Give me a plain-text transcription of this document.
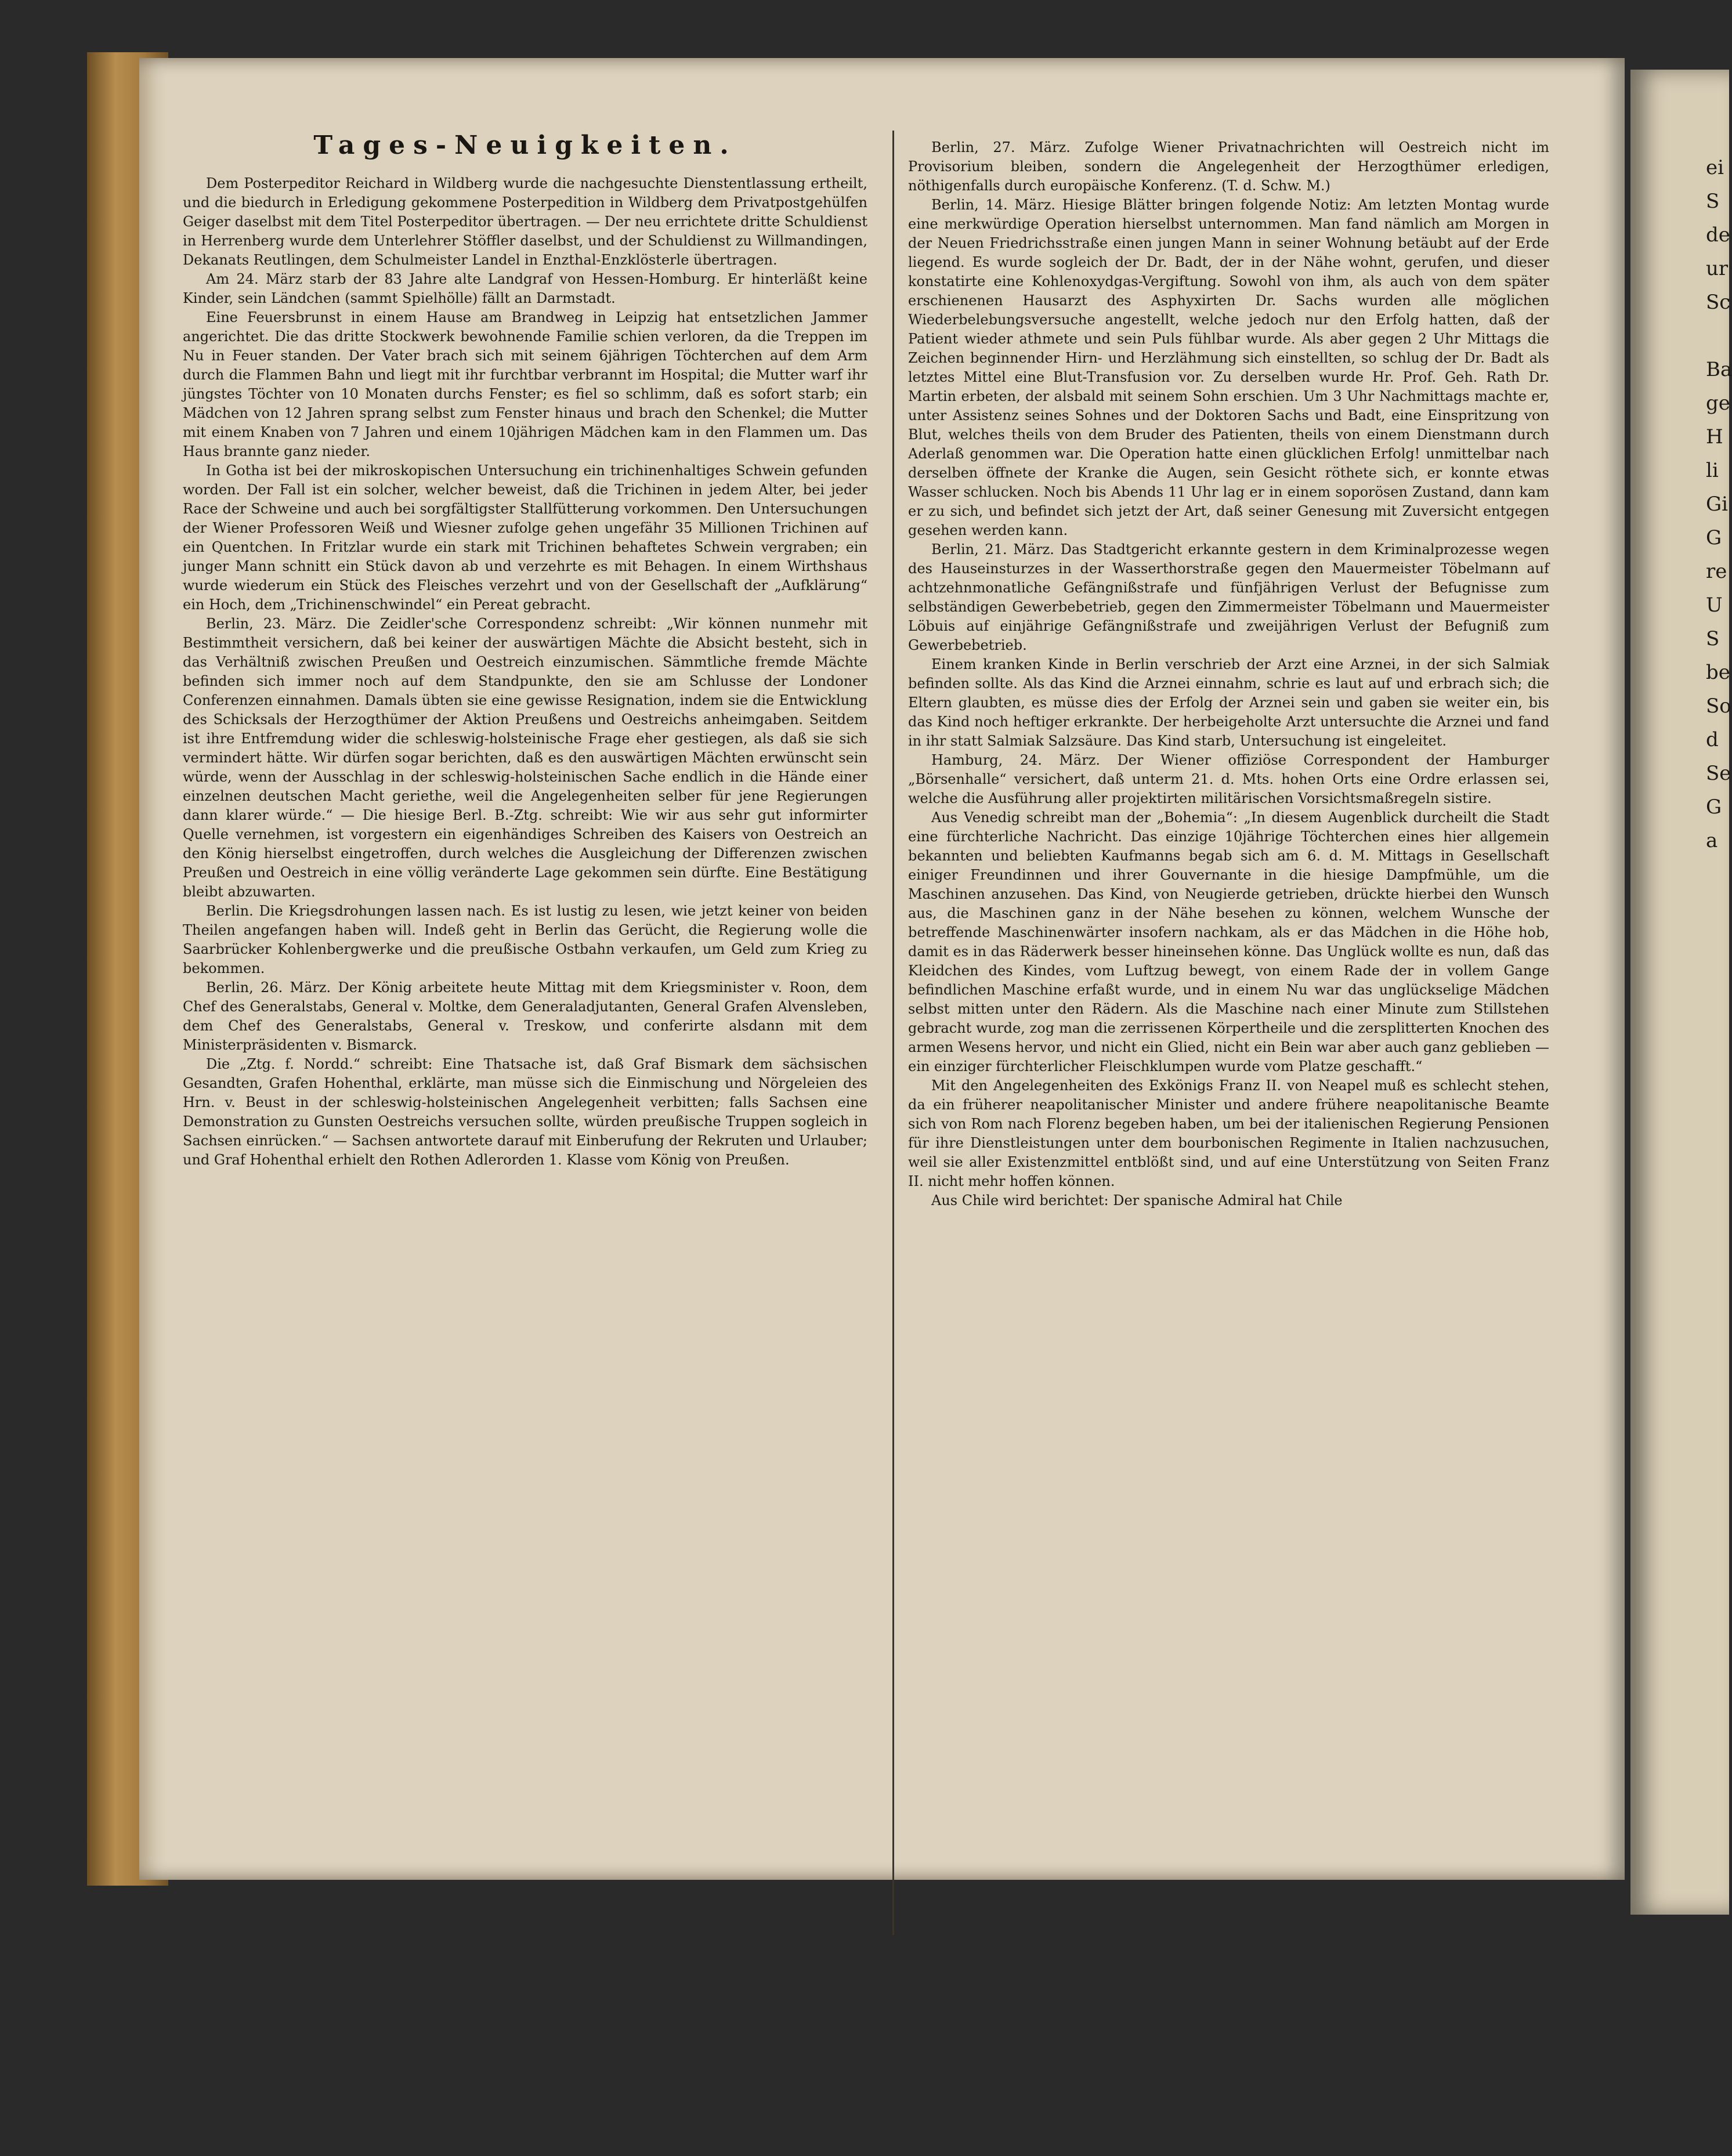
Tages-Neuigkeiten.

Dem Posterpeditor Reichard in Wildberg wurde die nachgesuchte Dienstentlassung ertheilt, und die biedurch in Erledigung gekommene Posterpedition in Wildberg dem Privatpostgehülfen Geiger daselbst mit dem Titel Posterpeditor übertragen. — Der neu errichtete dritte Schuldienst in Herrenberg wurde dem Unterlehrer Stöffler daselbst, und der Schuldienst zu Willmandingen, Dekanats Reutlingen, dem Schulmeister Landel in Enzthal-Enzklösterle übertragen.

Am 24. März starb der 83 Jahre alte Landgraf von Hessen-Homburg. Er hinterläßt keine Kinder, sein Ländchen (sammt Spielhölle) fällt an Darmstadt.

Eine Feuersbrunst in einem Hause am Brandweg in Leipzig hat entsetzlichen Jammer angerichtet. Die das dritte Stockwerk bewohnende Familie schien verloren, da die Treppen im Nu in Feuer standen. Der Vater brach sich mit seinem 6jährigen Töchterchen auf dem Arm durch die Flammen Bahn und liegt mit ihr furchtbar verbrannt im Hospital; die Mutter warf ihr jüngstes Töchter von 10 Monaten durchs Fenster; es fiel so schlimm, daß es sofort starb; ein Mädchen von 12 Jahren sprang selbst zum Fenster hinaus und brach den Schenkel; die Mutter mit einem Knaben von 7 Jahren und einem 10jährigen Mädchen kam in den Flammen um. Das Haus brannte ganz nieder.

In Gotha ist bei der mikroskopischen Untersuchung ein trichinenhaltiges Schwein gefunden worden. Der Fall ist ein solcher, welcher beweist, daß die Trichinen in jedem Alter, bei jeder Race der Schweine und auch bei sorgfältigster Stallfütterung vorkommen. Den Untersuchungen der Wiener Professoren Weiß und Wiesner zufolge gehen ungefähr 35 Millionen Trichinen auf ein Quentchen. In Fritzlar wurde ein stark mit Trichinen behaftetes Schwein vergraben; ein junger Mann schnitt ein Stück davon ab und verzehrte es mit Behagen. In einem Wirthshaus wurde wiederum ein Stück des Fleisches verzehrt und von der Gesellschaft der „Aufklärung“ ein Hoch, dem „Trichinenschwindel“ ein Pereat gebracht.

Berlin, 23. März. Die Zeidler'sche Correspondenz schreibt: „Wir können nunmehr mit Bestimmtheit versichern, daß bei keiner der auswärtigen Mächte die Absicht besteht, sich in das Verhältniß zwischen Preußen und Oestreich einzumischen. Sämmtliche fremde Mächte befinden sich immer noch auf dem Standpunkte, den sie am Schlusse der Londoner Conferenzen einnahmen. Damals übten sie eine gewisse Resignation, indem sie die Entwicklung des Schicksals der Herzogthümer der Aktion Preußens und Oestreichs anheimgaben. Seitdem ist ihre Entfremdung wider die schleswig-holsteinische Frage eher gestiegen, als daß sie sich vermindert hätte. Wir dürfen sogar berichten, daß es den auswärtigen Mächten erwünscht sein würde, wenn der Ausschlag in der schleswig-holsteinischen Sache endlich in die Hände einer einzelnen deutschen Macht geriethe, weil die Angelegenheiten selber für jene Regierungen dann klarer würde.“ — Die hiesige Berl. B.-Ztg. schreibt: Wie wir aus sehr gut informirter Quelle vernehmen, ist vorgestern ein eigenhändiges Schreiben des Kaisers von Oestreich an den König hierselbst eingetroffen, durch welches die Ausgleichung der Differenzen zwischen Preußen und Oestreich in eine völlig veränderte Lage gekommen sein dürfte. Eine Bestätigung bleibt abzuwarten.

Berlin. Die Kriegsdrohungen lassen nach. Es ist lustig zu lesen, wie jetzt keiner von beiden Theilen angefangen haben will. Indeß geht in Berlin das Gerücht, die Regierung wolle die Saarbrücker Kohlenbergwerke und die preußische Ostbahn verkaufen, um Geld zum Krieg zu bekommen.

Berlin, 26. März. Der König arbeitete heute Mittag mit dem Kriegsminister v. Roon, dem Chef des Generalstabs, General v. Moltke, dem Generaladjutanten, General Grafen Alvensleben, dem Chef des Generalstabs, General v. Treskow, und conferirte alsdann mit dem Ministerpräsidenten v. Bismarck.

Die „Ztg. f. Nordd.“ schreibt: Eine Thatsache ist, daß Graf Bismark dem sächsischen Gesandten, Grafen Hohenthal, erklärte, man müsse sich die Einmischung und Nörgeleien des Hrn. v. Beust in der schleswig-holsteinischen Angelegenheit verbitten; falls Sachsen eine Demonstration zu Gunsten Oestreichs versuchen sollte, würden preußische Truppen sogleich in Sachsen einrücken.“ — Sachsen antwortete darauf mit Einberufung der Rekruten und Urlauber; und Graf Hohenthal erhielt den Rothen Adlerorden 1. Klasse vom König von Preußen.

Berlin, 27. März. Zufolge Wiener Privatnachrichten will Oestreich nicht im Provisorium bleiben, sondern die Angelegenheit der Herzogthümer erledigen, nöthigenfalls durch europäische Konferenz. (T. d. Schw. M.)

Berlin, 14. März. Hiesige Blätter bringen folgende Notiz: Am letzten Montag wurde eine merkwürdige Operation hierselbst unternommen. Man fand nämlich am Morgen in der Neuen Friedrichsstraße einen jungen Mann in seiner Wohnung betäubt auf der Erde liegend. Es wurde sogleich der Dr. Badt, der in der Nähe wohnt, gerufen, und dieser konstatirte eine Kohlenoxydgas-Vergiftung. Sowohl von ihm, als auch von dem später erschienenen Hausarzt des Asphyxirten Dr. Sachs wurden alle möglichen Wiederbelebungsversuche angestellt, welche jedoch nur den Erfolg hatten, daß der Patient wieder athmete und sein Puls fühlbar wurde. Als aber gegen 2 Uhr Mittags die Zeichen beginnender Hirn- und Herzlähmung sich einstellten, so schlug der Dr. Badt als letztes Mittel eine Blut-Transfusion vor. Zu derselben wurde Hr. Prof. Geh. Rath Dr. Martin erbeten, der alsbald mit seinem Sohn erschien. Um 3 Uhr Nachmittags machte er, unter Assistenz seines Sohnes und der Doktoren Sachs und Badt, eine Einspritzung von Blut, welches theils von dem Bruder des Patienten, theils von einem Dienstmann durch Aderlaß genommen war. Die Operation hatte einen glücklichen Erfolg! unmittelbar nach derselben öffnete der Kranke die Augen, sein Gesicht röthete sich, er konnte etwas Wasser schlucken. Noch bis Abends 11 Uhr lag er in einem soporösen Zustand, dann kam er zu sich, und befindet sich jetzt der Art, daß seiner Genesung mit Zuversicht entgegen gesehen werden kann.

Berlin, 21. März. Das Stadtgericht erkannte gestern in dem Kriminalprozesse wegen des Hauseinsturzes in der Wasserthorstraße gegen den Mauermeister Töbelmann auf achtzehnmonatliche Gefängnißstrafe und fünfjährigen Verlust der Befugnisse zum selbständigen Gewerbebetrieb, gegen den Zimmermeister Töbelmann und Mauermeister Löbuis auf einjährige Gefängnißstrafe und zweijährigen Verlust der Befugniß zum Gewerbebetrieb.

Einem kranken Kinde in Berlin verschrieb der Arzt eine Arznei, in der sich Salmiak befinden sollte. Als das Kind die Arznei einnahm, schrie es laut auf und erbrach sich; die Eltern glaubten, es müsse dies der Erfolg der Arznei sein und gaben sie weiter ein, bis das Kind noch heftiger erkrankte. Der herbeigeholte Arzt untersuchte die Arznei und fand in ihr statt Salmiak Salzsäure. Das Kind starb, Untersuchung ist eingeleitet.

Hamburg, 24. März. Der Wiener offiziöse Correspondent der Hamburger „Börsenhalle“ versichert, daß unterm 21. d. Mts. hohen Orts eine Ordre erlassen sei, welche die Ausführung aller projektirten militärischen Vorsichtsmaßregeln sistire.

Aus Venedig schreibt man der „Bohemia“: „In diesem Augenblick durcheilt die Stadt eine fürchterliche Nachricht. Das einzige 10jährige Töchterchen eines hier allgemein bekannten und beliebten Kaufmanns begab sich am 6. d. M. Mittags in Gesellschaft einiger Freundinnen und ihrer Gouvernante in die hiesige Dampfmühle, um die Maschinen anzusehen. Das Kind, von Neugierde getrieben, drückte hierbei den Wunsch aus, die Maschinen ganz in der Nähe besehen zu können, welchem Wunsche der betreffende Maschinenwärter insofern nachkam, als er das Mädchen in die Höhe hob, damit es in das Räderwerk besser hineinsehen könne. Das Unglück wollte es nun, daß das Kleidchen des Kindes, vom Luftzug bewegt, von einem Rade der in vollem Gange befindlichen Maschine erfaßt wurde, und in einem Nu war das unglückselige Mädchen selbst mitten unter den Rädern. Als die Maschine nach einer Minute zum Stillstehen gebracht wurde, zog man die zerrissenen Körpertheile und die zersplitterten Knochen des armen Wesens hervor, und nicht ein Glied, nicht ein Bein war aber auch ganz geblieben — ein einziger fürchterlicher Fleischklumpen wurde vom Platze geschafft.“

Mit den Angelegenheiten des Exkönigs Franz II. von Neapel muß es schlecht stehen, da ein früherer neapolitanischer Minister und andere frühere neapolitanische Beamte sich von Rom nach Florenz begeben haben, um bei der italienischen Regierung Pensionen für ihre Dienstleistungen unter dem bourbonischen Regimente in Italien nachzusuchen, weil sie aller Existenzmittel entblößt sind, und auf eine Unterstützung von Seiten Franz II. nicht mehr hoffen können.

Aus Chile wird berichtet: Der spanische Admiral hat Chile

ei
S
de
ur
Sc

Ba
ge
H
li
Gi
G
re
U
S
be
So
d
Se
G
a
